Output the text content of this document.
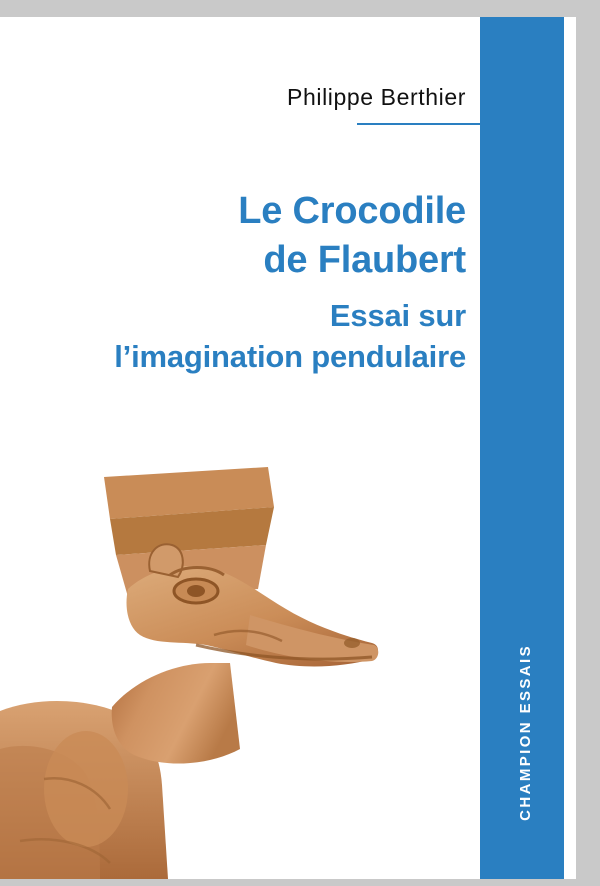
CHAMPION ESSAIS
Philippe Berthier
Le Crocodile
de Flaubert
Essai sur
l’imagination pendulaire
